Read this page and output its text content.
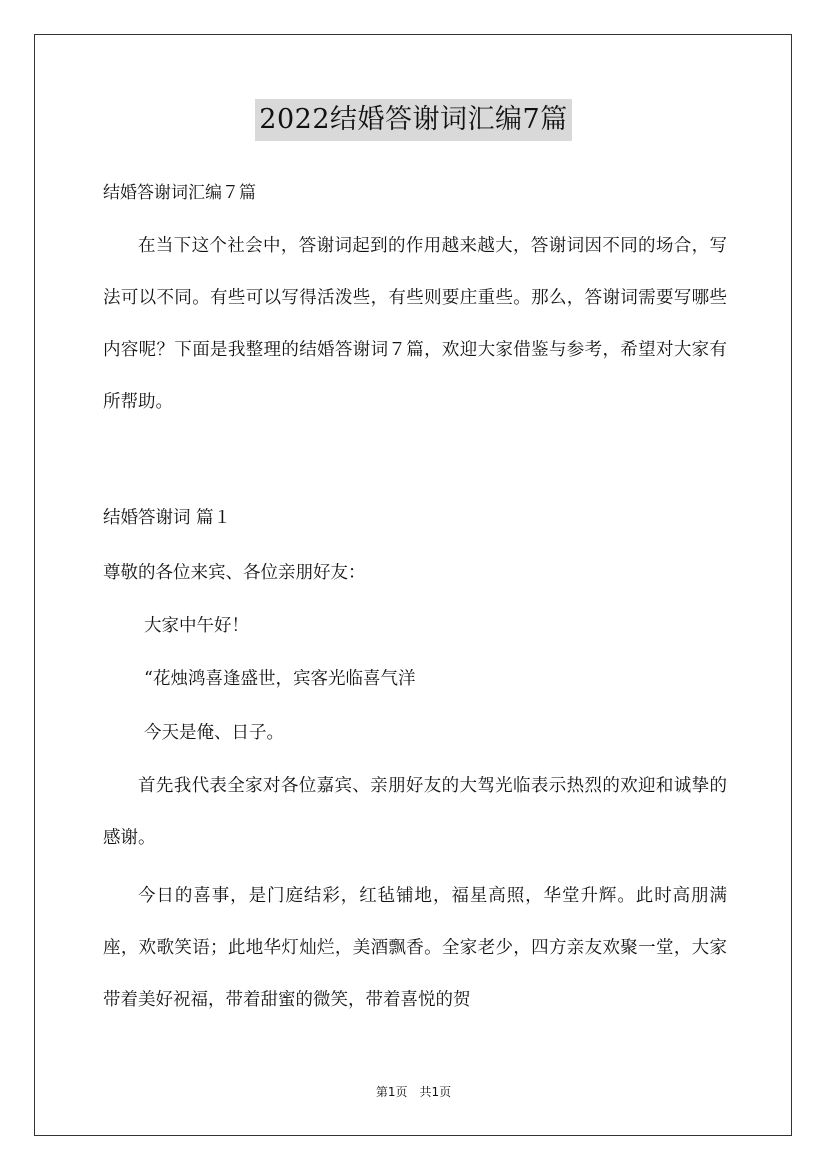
2022结婚答谢词汇编7篇
结婚答谢词汇编７篇

在当下这个社会中，答谢词起到的作用越来越大，答谢词因不同的场合，写法可以不同。有些可以写得活泼些，有些则要庄重些。那么，答谢词需要写哪些内容呢？下面是我整理的结婚答谢词７篇，欢迎大家借鉴与参考，希望对大家有所帮助。

结婚答谢词 篇１
尊敬的各位来宾、各位亲朋好友：
大家中午好！
“花烛鸿喜逢盛世，宾客光临喜气洋
今天是俺、日子。

首先我代表全家对各位嘉宾、亲朋好友的大驾光临表示热烈的欢迎和诚挚的感谢。

今日的喜事，是门庭结彩，红毡铺地，福星高照，华堂升辉。此时高朋满座，欢歌笑语；此地华灯灿烂，美酒飘香。全家老少，四方亲友欢聚一堂，大家带着美好祝福，带着甜蜜的微笑，带着喜悦的贺

第1页　共1页
